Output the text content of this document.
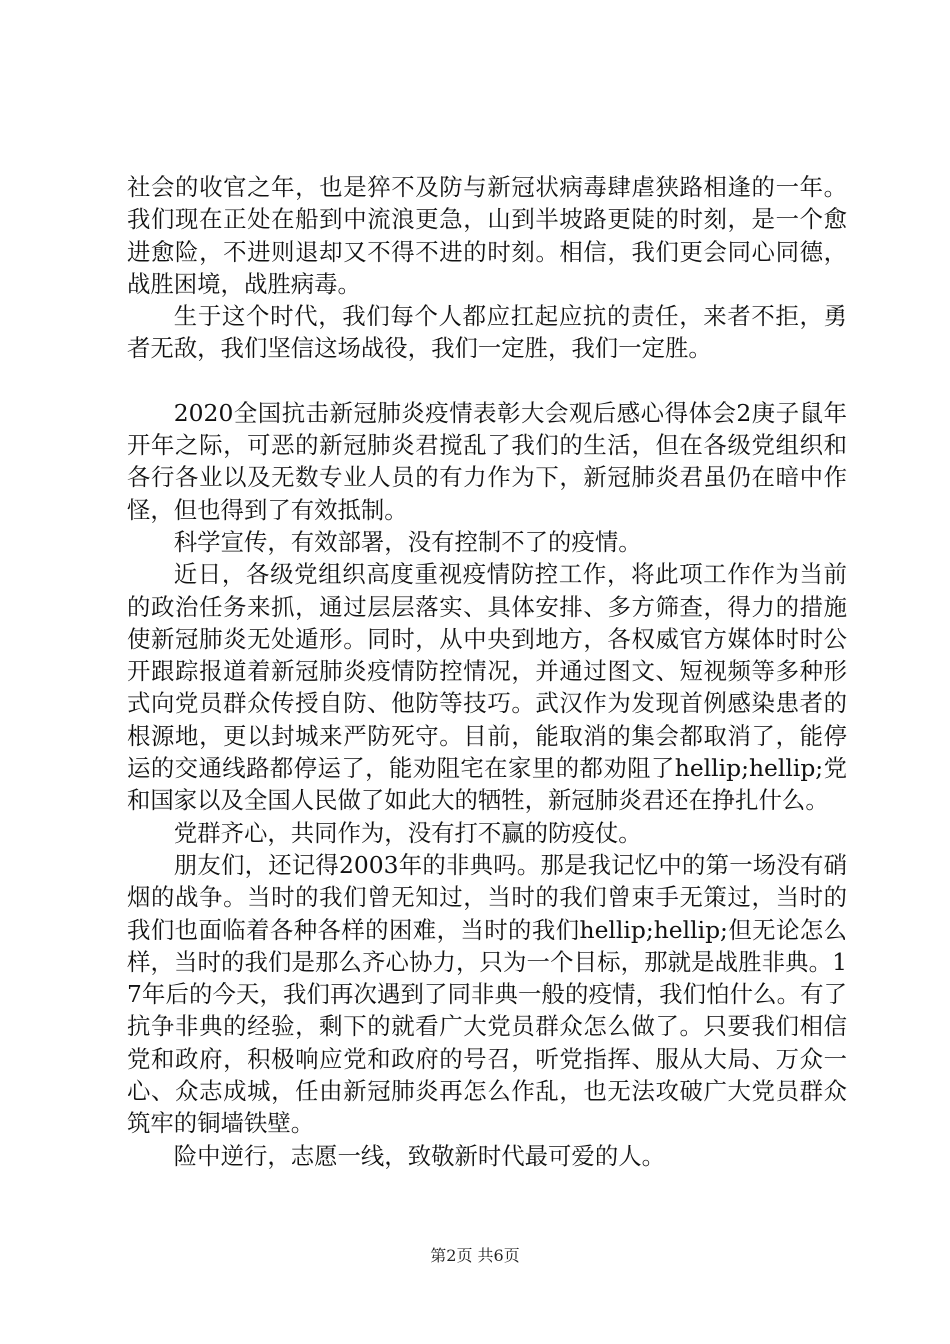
社会的收官之年，也是猝不及防与新冠状病毒肆虐狭路相逢的一年。我们现在正处在船到中流浪更急，山到半坡路更陡的时刻，是一个愈进愈险，不进则退却又不得不进的时刻。相信，我们更会同心同德，战胜困境，战胜病毒。

生于这个时代，我们每个人都应扛起应抗的责任，来者不拒，勇者无敌，我们坚信这场战役，我们一定胜，我们一定胜。

2020全国抗击新冠肺炎疫情表彰大会观后感心得体会2庚子鼠年开年之际，可恶的新冠肺炎君搅乱了我们的生活，但在各级党组织和各行各业以及无数专业人员的有力作为下，新冠肺炎君虽仍在暗中作怪，但也得到了有效抵制。

科学宣传，有效部署，没有控制不了的疫情。

近日，各级党组织高度重视疫情防控工作，将此项工作作为当前的政治任务来抓，通过层层落实、具体安排、多方筛查，得力的措施使新冠肺炎无处遁形。同时，从中央到地方，各权威官方媒体时时公开跟踪报道着新冠肺炎疫情防控情况，并通过图文、短视频等多种形式向党员群众传授自防、他防等技巧。武汉作为发现首例感染患者的根源地，更以封城来严防死守。目前，能取消的集会都取消了，能停运的交通线路都停运了，能劝阻宅在家里的都劝阻了hellip;hellip;党和国家以及全国人民做了如此大的牺牲，新冠肺炎君还在挣扎什么。

党群齐心，共同作为，没有打不赢的防疫仗。

朋友们，还记得2003年的非典吗。那是我记忆中的第一场没有硝烟的战争。当时的我们曾无知过，当时的我们曾束手无策过，当时的我们也面临着各种各样的困难，当时的我们hellip;hellip;但无论怎么样，当时的我们是那么齐心协力，只为一个目标，那就是战胜非典。17年后的今天，我们再次遇到了同非典一般的疫情，我们怕什么。有了抗争非典的经验，剩下的就看广大党员群众怎么做了。只要我们相信党和政府，积极响应党和政府的号召，听党指挥、服从大局、万众一心、众志成城，任由新冠肺炎再怎么作乱，也无法攻破广大党员群众筑牢的铜墙铁壁。

险中逆行，志愿一线，致敬新时代最可爱的人。

第2页 共6页
